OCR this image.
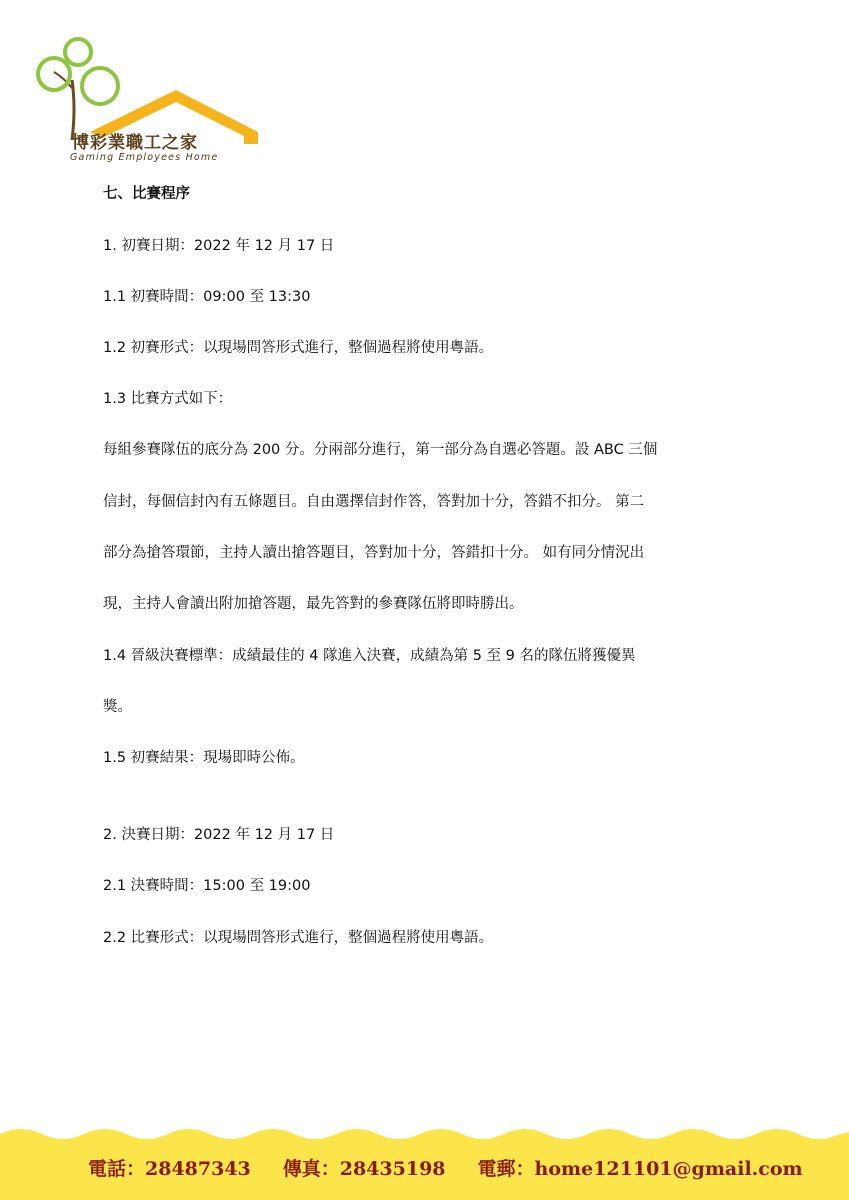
博彩業職工之家
Gaming Employees Home
七、比賽程序
1. 初賽日期：2022 年 12 月 17 日
1.1 初賽時間：09:00 至 13:30
1.2 初賽形式：以現場問答形式進行，整個過程將使用粵語。
1.3 比賽方式如下：
每組參賽隊伍的底分為 200 分。分兩部分進行，第一部分為自選必答題。設 ABC 三個
信封，每個信封內有五條題目。自由選擇信封作答，答對加十分，答錯不扣分。 第二
部分為搶答環節，主持人讀出搶答題目，答對加十分，答錯扣十分。 如有同分情況出
現，主持人會讀出附加搶答題，最先答對的參賽隊伍將即時勝出。
1.4 晉級決賽標準：成績最佳的 4 隊進入決賽，成績為第 5 至 9 名的隊伍將獲優異
獎。
1.5 初賽結果：現場即時公佈。
2. 決賽日期：2022 年 12 月 17 日
2.1 決賽時間：15:00 至 19:00
2.2 比賽形式：以現場問答形式進行，整個過程將使用粵語。
電話：28487343 傳真：28435198 電郵：home121101@gmail.com
